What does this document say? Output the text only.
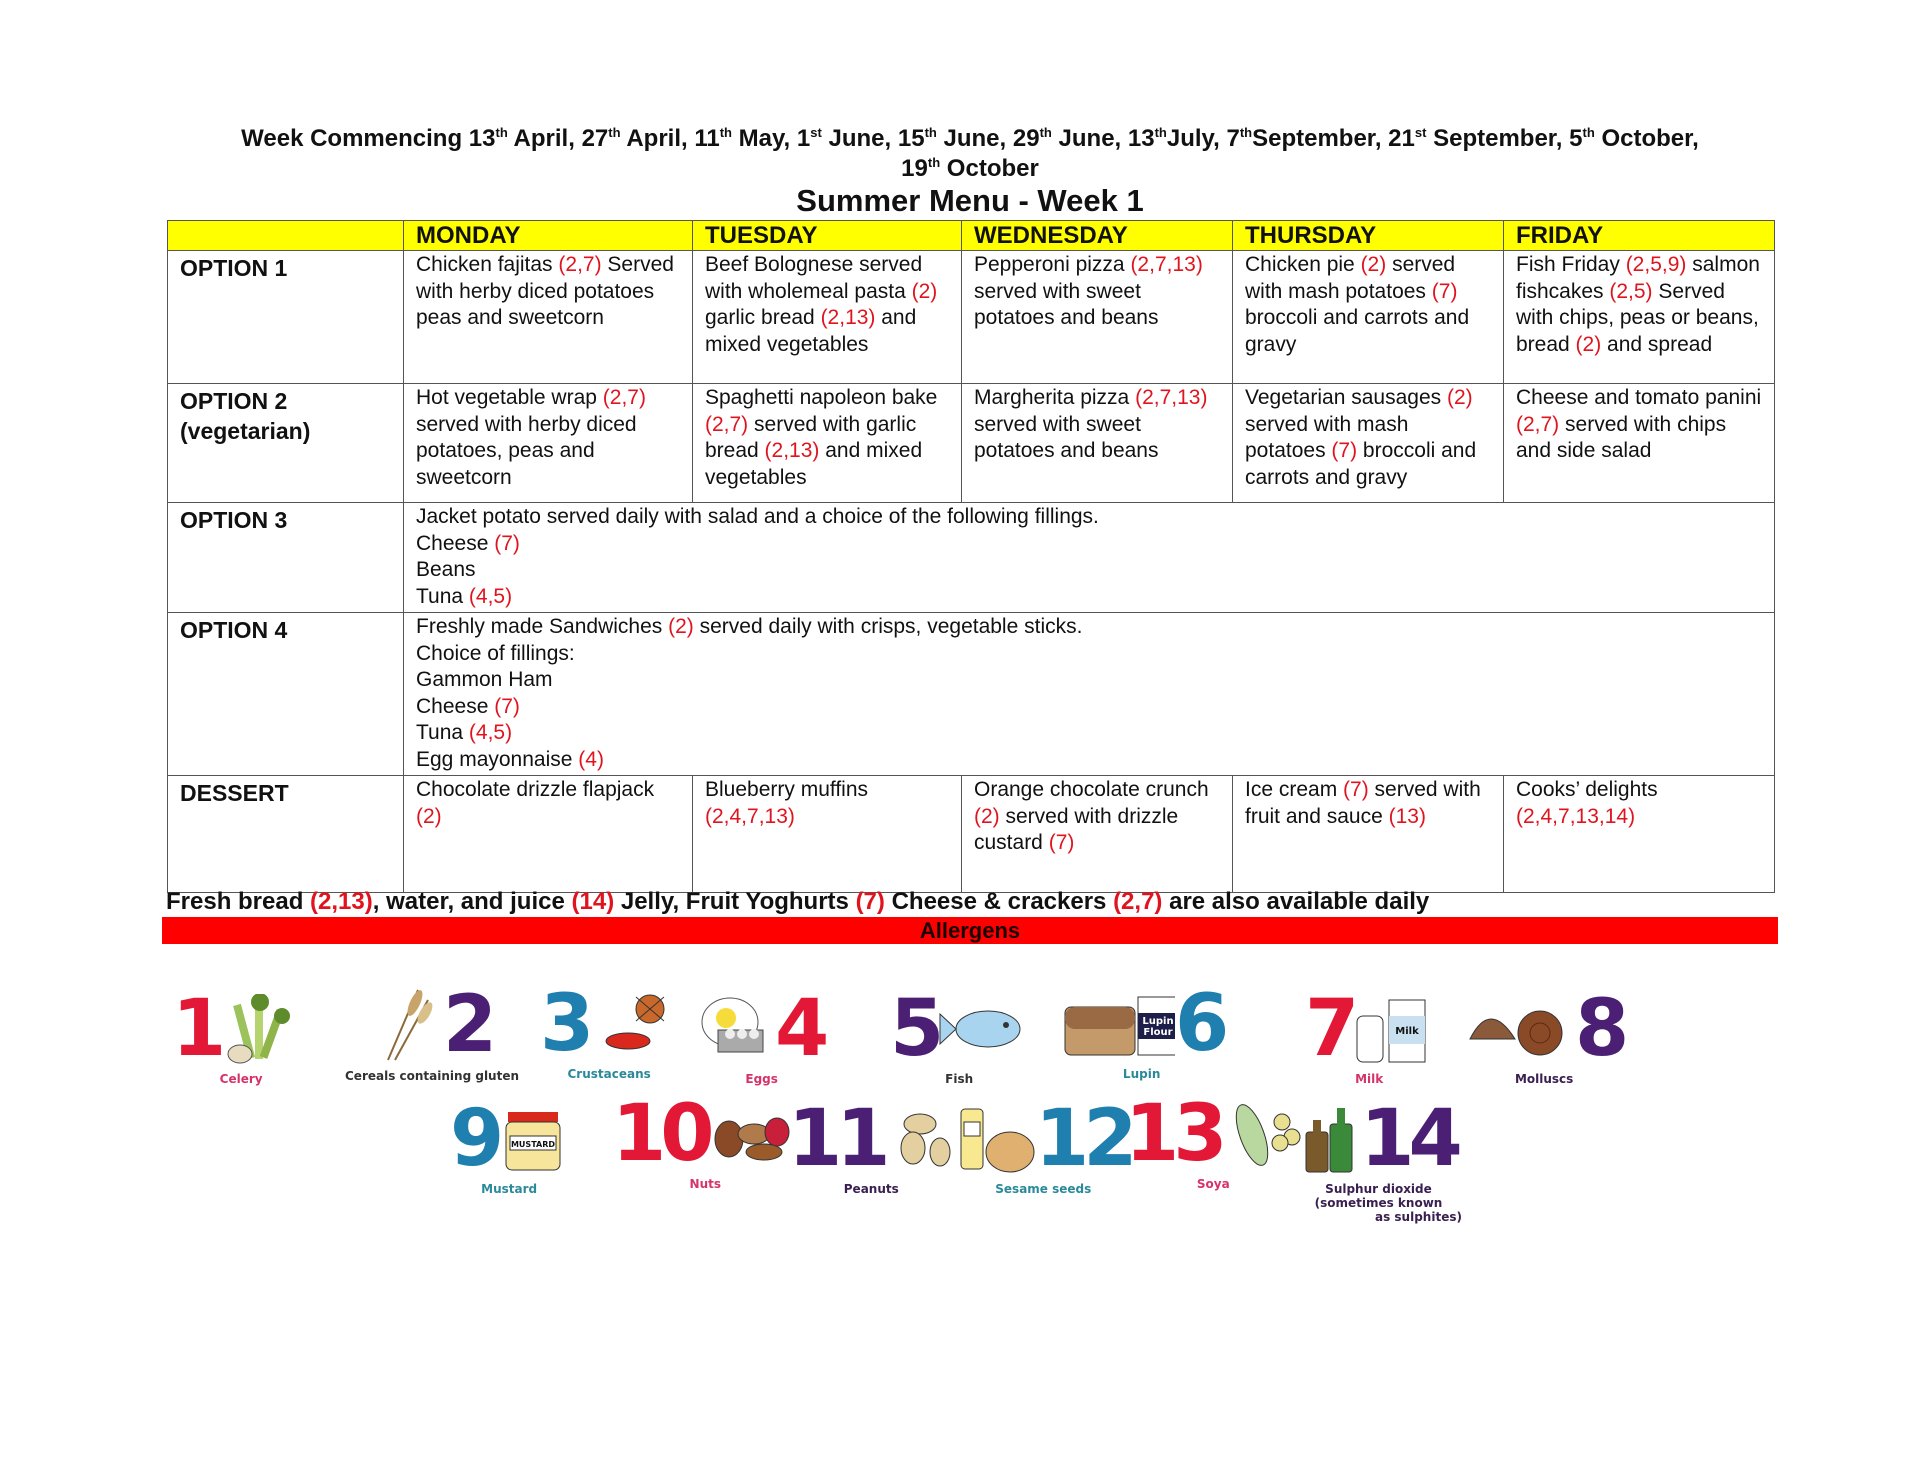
Week Commencing 13th April, 27th April, 11th May, 1st June, 15th June, 29th June, 13thJuly, 7thSeptember, 21st September, 5th October,
19th October
Summer Menu - Week 1
	MONDAY	TUESDAY	WEDNESDAY	THURSDAY	FRIDAY
OPTION 1	Chicken fajitas (2,7) Served with herby diced potatoes peas and sweetcorn	Beef Bolognese served with wholemeal pasta (2) garlic bread (2,13) and mixed vegetables	Pepperoni pizza (2,7,13) served with sweet potatoes and beans	Chicken pie (2) served with mash potatoes (7) broccoli and carrots and gravy	Fish Friday (2,5,9) salmon fishcakes (2,5) Served with chips, peas or beans, bread (2) and spread

OPTION 2
(vegetarian)	Hot vegetable wrap (2,7) served with herby diced potatoes, peas and sweetcorn	Spaghetti napoleon bake (2,7) served with garlic bread (2,13) and mixed vegetables	Margherita pizza (2,7,13) served with sweet potatoes and beans	Vegetarian sausages (2) served with mash potatoes (7) broccoli and carrots and gravy	Cheese and tomato panini (2,7) served with chips and side salad
OPTION 3	Jacket potato served daily with salad and a choice of the following fillings.
Cheese (7)
Beans
Tuna (4,5)				

OPTION 4	Freshly made Sandwiches (2) served daily with crisps, vegetable sticks.
Choice of fillings:
Gammon Ham
Cheese (7)
Tuna (4,5)
Egg mayonnaise (4)

DESSERT	Chocolate drizzle flapjack (2)	Blueberry muffins (2,4,7,13)	Orange chocolate crunch (2) served with drizzle custard (7)	Ice cream (7) served with fruit and sauce (13)	Cooks’ delights (2,4,7,13,14)
Fresh bread (2,13), water, and juice (14) Jelly, Fruit Yoghurts (7) Cheese & crackers (2,7) are also available daily
Allergens
1
Celery
2
Cereals containing gluten
3
Crustaceans 4
Eggs
5
Fish
Lupin
Flour 6
Lupin 7	Milk
Milk
8
Molluscs
9 MUSTARD
Mustard
10
Nuts 11
Peanuts
12
Sesame seeds
13
Soya 14
Sulphur dioxide
(sometimes known
as sulphites)
